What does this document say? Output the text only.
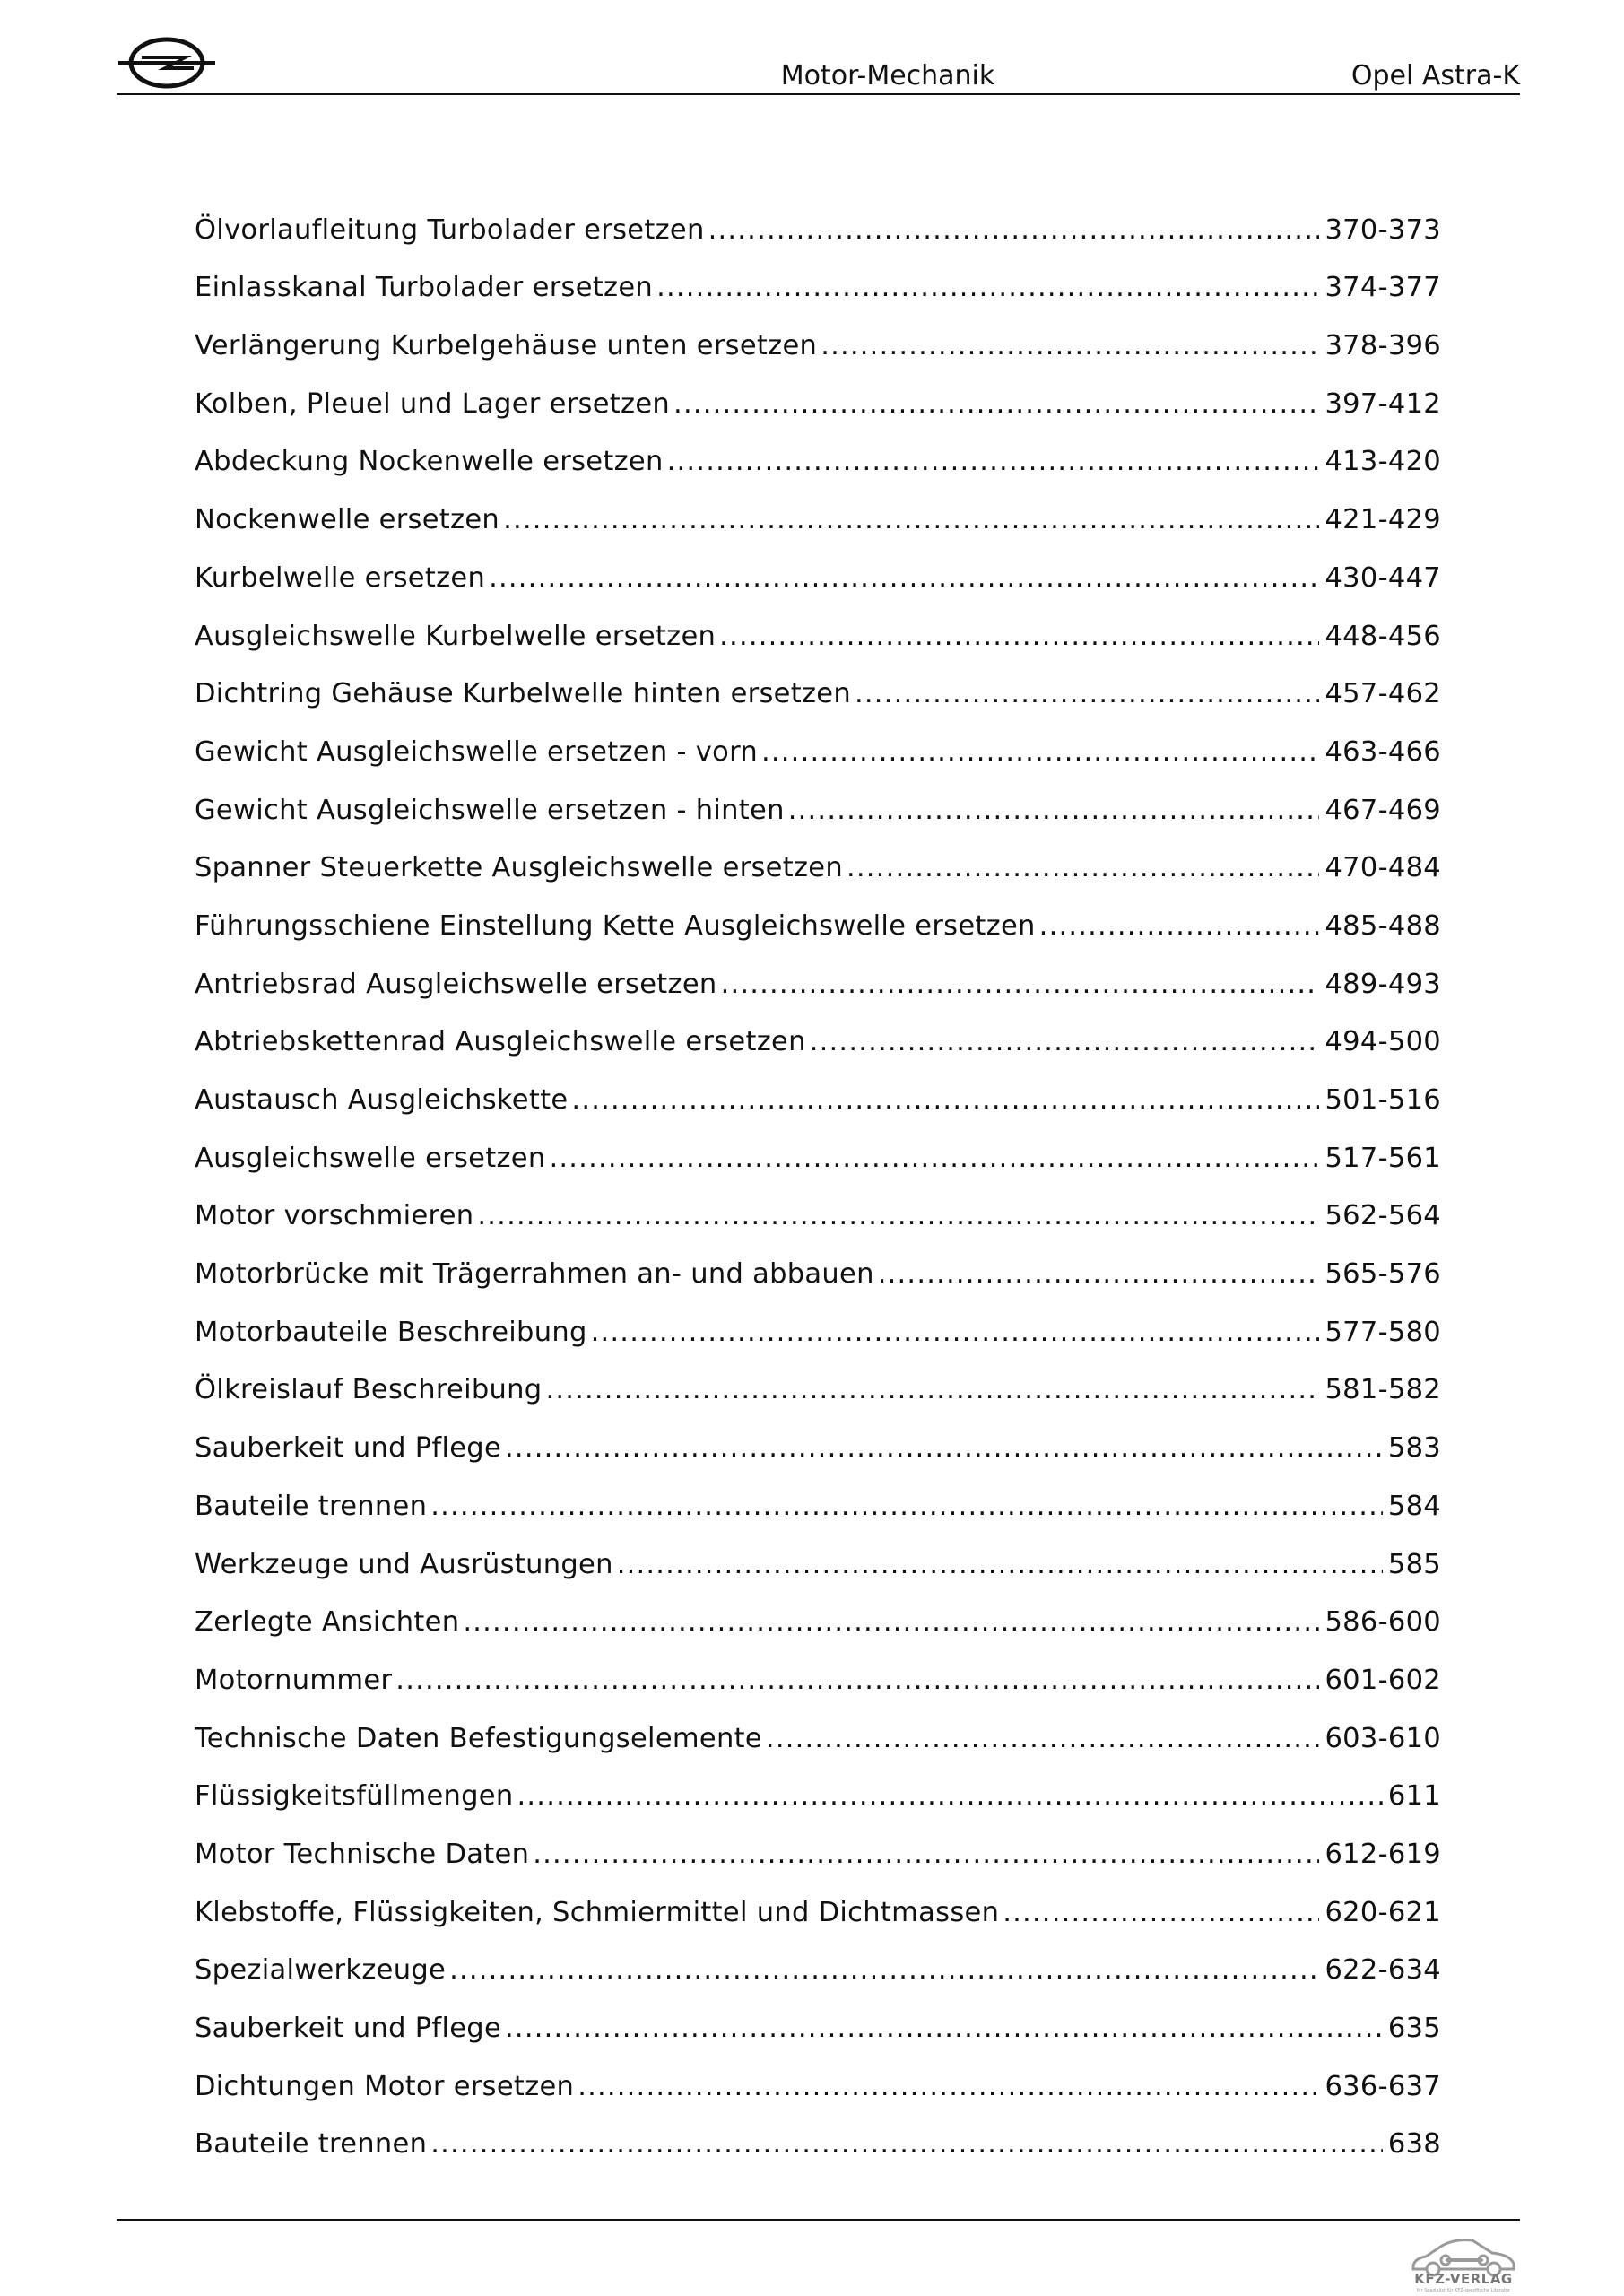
Motor-Mechanik	Opel Astra-K
Ölvorlaufleitung Turbolader ersetzen .....	370-373
Einlasskanal Turbolader ersetzen .....	374-377
Verlängerung Kurbelgehäuse unten ersetzen .....	378-396
Kolben, Pleuel und Lager ersetzen .....	397-412
Abdeckung Nockenwelle ersetzen .....	413-420
Nockenwelle ersetzen .....	421-429
Kurbelwelle ersetzen .....	430-447
Ausgleichswelle Kurbelwelle ersetzen .....	448-456
Dichtring Gehäuse Kurbelwelle hinten ersetzen .....	457-462
Gewicht Ausgleichswelle ersetzen - vorn .....	463-466
Gewicht Ausgleichswelle ersetzen - hinten .....	467-469
Spanner Steuerkette Ausgleichswelle ersetzen .....	470-484
Führungsschiene Einstellung Kette Ausgleichswelle ersetzen .....	485-488
Antriebsrad Ausgleichswelle ersetzen .....	489-493
Abtriebskettenrad Ausgleichswelle ersetzen .....	494-500
Austausch Ausgleichskette .....	501-516
Ausgleichswelle ersetzen .....	517-561
Motor vorschmieren .....	562-564
Motorbrücke mit Trägerrahmen an- und abbauen .....	565-576
Motorbauteile Beschreibung .....	577-580
Ölkreislauf Beschreibung .....	581-582
Sauberkeit und Pflege .....	583
Bauteile trennen .....	584
Werkzeuge und Ausrüstungen .....	585
Zerlegte Ansichten .....	586-600
Motornummer .....	601-602
Technische Daten Befestigungselemente .....	603-610
Flüssigkeitsfüllmengen .....	611
Motor Technische Daten .....	612-619
Klebstoffe, Flüssigkeiten, Schmiermittel und Dichtmassen .....	620-621
Spezialwerkzeuge .....	622-634
Sauberkeit und Pflege .....	635
Dichtungen Motor ersetzen .....	636-637
Bauteile trennen .....	638
KFZ-VERLAG
Ihr Spezialist für KFZ-spezifische Literatur
